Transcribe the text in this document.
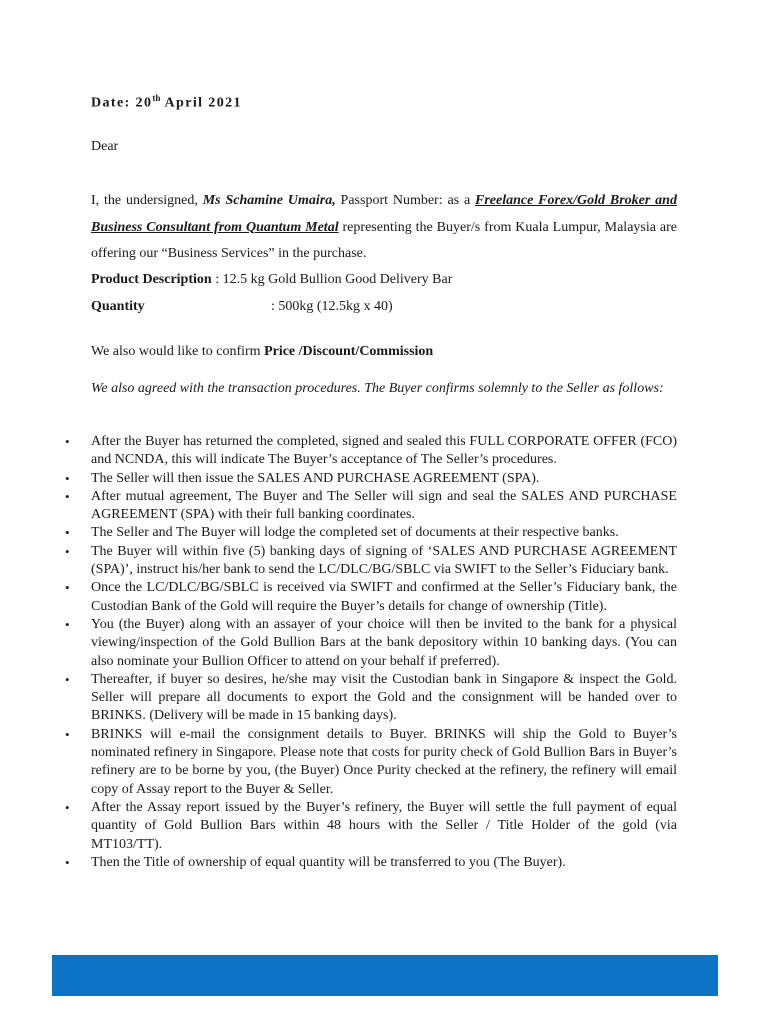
Date: 20th April 2021
Dear
I, the undersigned, Ms Schamine Umaira, Passport Number: as a Freelance Forex/Gold Broker and Business Consultant from Quantum Metal representing the Buyer/s from Kuala Lumpur, Malaysia are offering our “Business Services” in the purchase.
Product Description : 12.5 kg Gold Bullion Good Delivery Bar
Quantity	: 500kg (12.5kg x 40)
We also would like to confirm Price /Discount/Commission
We also agreed with the transaction procedures. The Buyer confirms solemnly to the Seller as follows:
• After the Buyer has returned the completed, signed and sealed this FULL CORPORATE OFFER (FCO) and NCNDA, this will indicate The Buyer’s acceptance of The Seller’s procedures.
• The Seller will then issue the SALES AND PURCHASE AGREEMENT (SPA).
• After mutual agreement, The Buyer and The Seller will sign and seal the SALES AND PURCHASE AGREEMENT (SPA) with their full banking coordinates.
• The Seller and The Buyer will lodge the completed set of documents at their respective banks.
• The Buyer will within five (5) banking days of signing of ‘SALES AND PURCHASE AGREEMENT (SPA)’, instruct his/her bank to send the LC/DLC/BG/SBLC via SWIFT to the Seller’s Fiduciary bank.
• Once the LC/DLC/BG/SBLC is received via SWIFT and confirmed at the Seller’s Fiduciary bank, the Custodian Bank of the Gold will require the Buyer’s details for change of ownership (Title).
• You (the Buyer) along with an assayer of your choice will then be invited to the bank for a physical viewing/inspection of the Gold Bullion Bars at the bank depository within 10 banking days. (You can also nominate your Bullion Officer to attend on your behalf if preferred).
• Thereafter, if buyer so desires, he/she may visit the Custodian bank in Singapore & inspect the Gold. Seller will prepare all documents to export the Gold and the consignment will be handed over to BRINKS. (Delivery will be made in 15 banking days).
• BRINKS will e-mail the consignment details to Buyer. BRINKS will ship the Gold to Buyer’s nominated refinery in Singapore. Please note that costs for purity check of Gold Bullion Bars in Buyer’s refinery are to be borne by you, (the Buyer) Once Purity checked at the refinery, the refinery will email copy of Assay report to the Buyer & Seller.
• After the Assay report issued by the Buyer’s refinery, the Buyer will settle the full payment of equal quantity of Gold Bullion Bars within 48 hours with the Seller / Title Holder of the gold (via MT103/TT).
• Then the Title of ownership of equal quantity will be transferred to you (The Buyer).
